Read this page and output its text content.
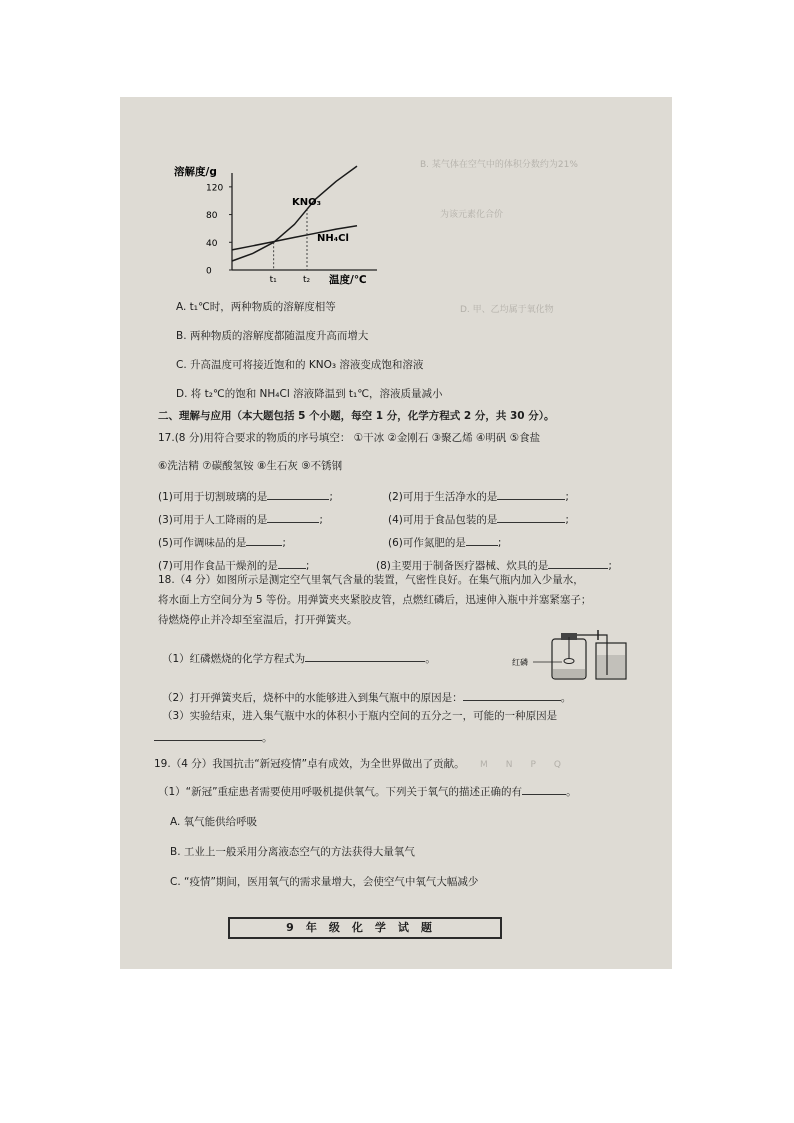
B. 某气体在空气中的体积分数约为21%
为该元素化合价
D. 甲、乙均属于氧化物
M　　N　　P　　Q
溶解度/g
温度/℃
120
80
40
0
t₁	t₂
KNO₃
NH₄Cl
A. t₁℃时，两种物质的溶解度相等
B. 两种物质的溶解度都随温度升高而增大
C. 升高温度可将接近饱和的 KNO₃ 溶液变成饱和溶液
D. 将 t₂℃的饱和 NH₄Cl 溶液降温到 t₁℃，溶液质量减小
二、理解与应用（本大题包括 5 个小题，每空 1 分，化学方程式 2 分，共 30 分）。
17.(8 分)用符合要求的物质的序号填空： ①干冰 ②金刚石 ③聚乙烯 ④明矾 ⑤食盐
⑥洗洁精 ⑦碳酸氢铵 ⑧生石灰 ⑨不锈钢
(1)可用于切割玻璃的是	;	(2)可用于生活净水的是	;
(3)可用于人工降雨的是	;	(4)可用于食品包装的是	;
(5)可作调味品的是	;	(6)可作氮肥的是	;
(7)可用作食品干燥剂的是	;	(8)主要用于制备医疗器械、炊具的是	;
18.（4 分）如图所示是测定空气里氧气含量的装置，气密性良好。在集气瓶内加入少量水，
将水面上方空间分为 5 等份。用弹簧夹夹紧胶皮管，点燃红磷后，迅速伸入瓶中并塞紧塞子；
待燃烧停止并冷却至室温后，打开弹簧夹。
（1）红磷燃烧的化学方程式为	。	红磷
（2）打开弹簧夹后，烧杯中的水能够进入到集气瓶中的原因是：	。
（3）实验结束，进入集气瓶中水的体积小于瓶内空间的五分之一，可能的一种原因是
。
19.（4 分）我国抗击“新冠疫情”卓有成效，为全世界做出了贡献。
（1）“新冠”重症患者需要使用呼吸机提供氧气。下列关于氧气的描述正确的有	。
A. 氧气能供给呼吸
B. 工业上一般采用分离液态空气的方法获得大量氧气
C. “疫情”期间，医用氧气的需求量增大，会使空气中氧气大幅减少
9年级化学试题
